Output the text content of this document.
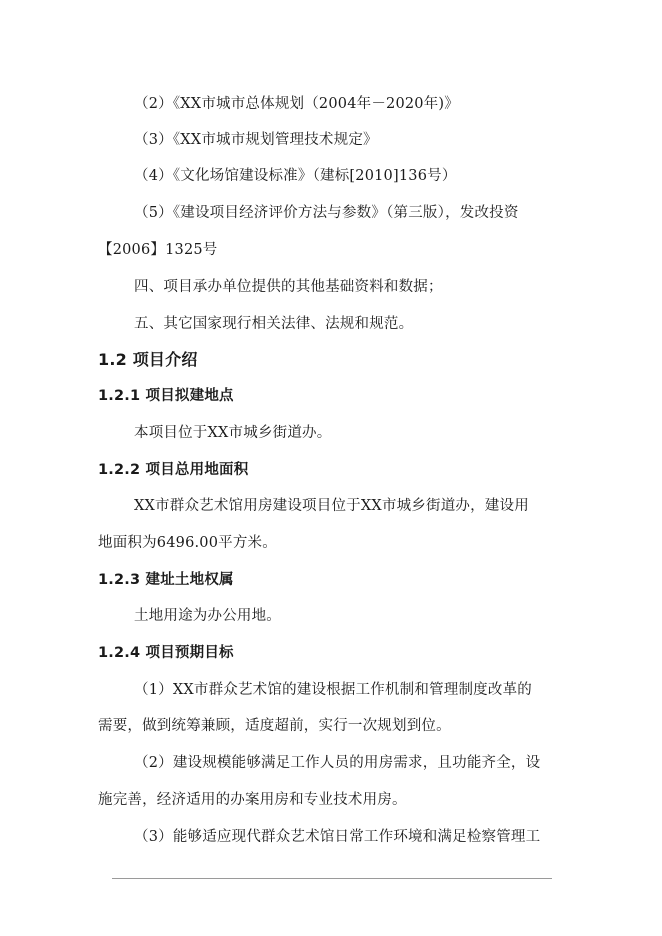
（2）《XX市城市总体规划（2004年－2020年)》
（3）《XX市城市规划管理技术规定》
（4）《文化场馆建设标准》（建标[2010]136号）
（5）《建设项目经济评价方法与参数》（第三版），发改投资
【2006】1325号
四、项目承办单位提供的其他基础资料和数据；
五、其它国家现行相关法律、法规和规范。
1.2 项目介绍
1.2.1 项目拟建地点
本项目位于XX市城乡街道办。
1.2.2 项目总用地面积
XX市群众艺术馆用房建设项目位于XX市城乡街道办，建设用
地面积为6496.00平方米。
1.2.3 建址土地权属
土地用途为办公用地。
1.2.4 项目预期目标
（1）XX市群众艺术馆的建设根据工作机制和管理制度改革的
需要，做到统筹兼顾，适度超前，实行一次规划到位。
（2）建设规模能够满足工作人员的用房需求，且功能齐全，设
施完善，经济适用的办案用房和专业技术用房。
（3）能够适应现代群众艺术馆日常工作环境和满足检察管理工
